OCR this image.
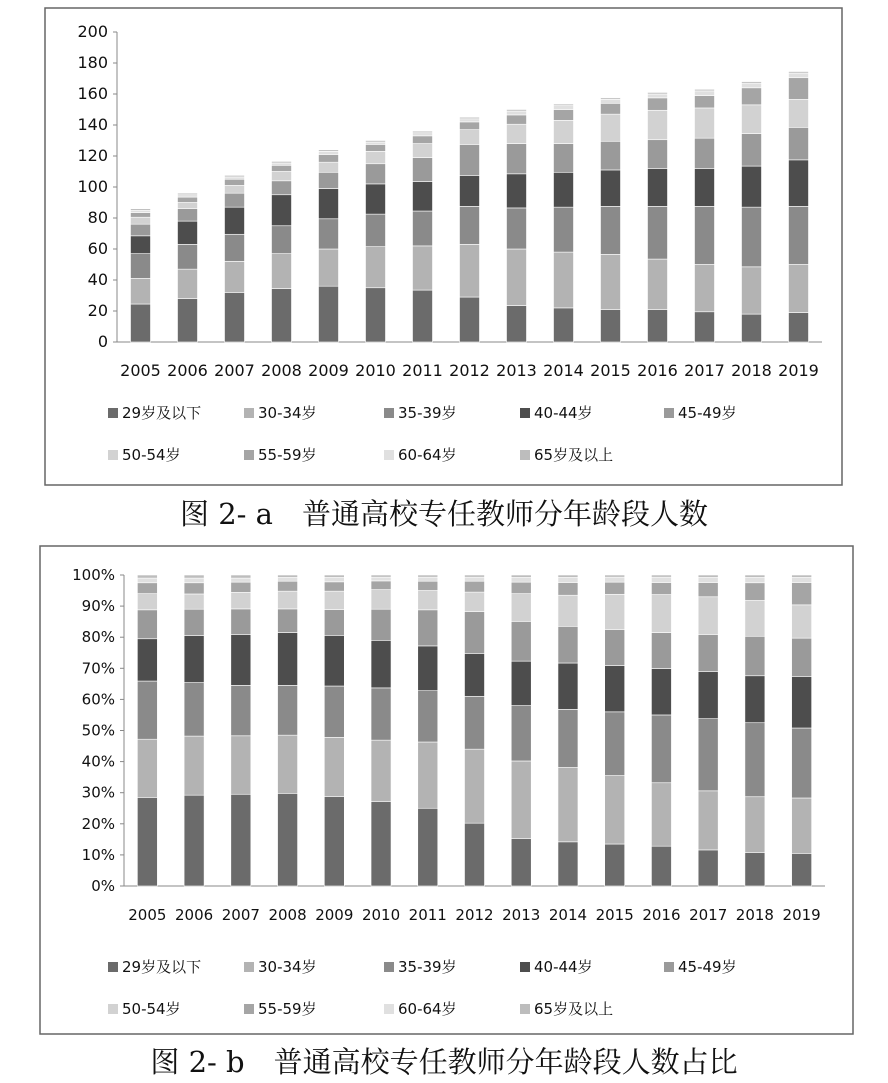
0
20
40
60
80
100
120
140
160
180
200
2005 2006 2007 2008 2009 2010 2011 2012 2013 2014 2015 2016 2017 2018 2019
0%
10%
20%
30%
40%
50%
60%
70%
80%
90%
100%
2005 2006 2007 2008 2009 2010 2011 2012 2013 2014 2015 2016 2017 2018 2019
29岁及以下	30-34岁	35-39岁	40-44岁	45-49岁
50-54岁	55-59岁	60-64岁	65岁及以上
29岁及以下	30-34岁	35-39岁	40-44岁	45-49岁
50-54岁	55-59岁	60-64岁	65岁及以上
图 2- a　普通高校专任教师分年龄段人数
图 2- b　普通高校专任教师分年龄段人数占比
